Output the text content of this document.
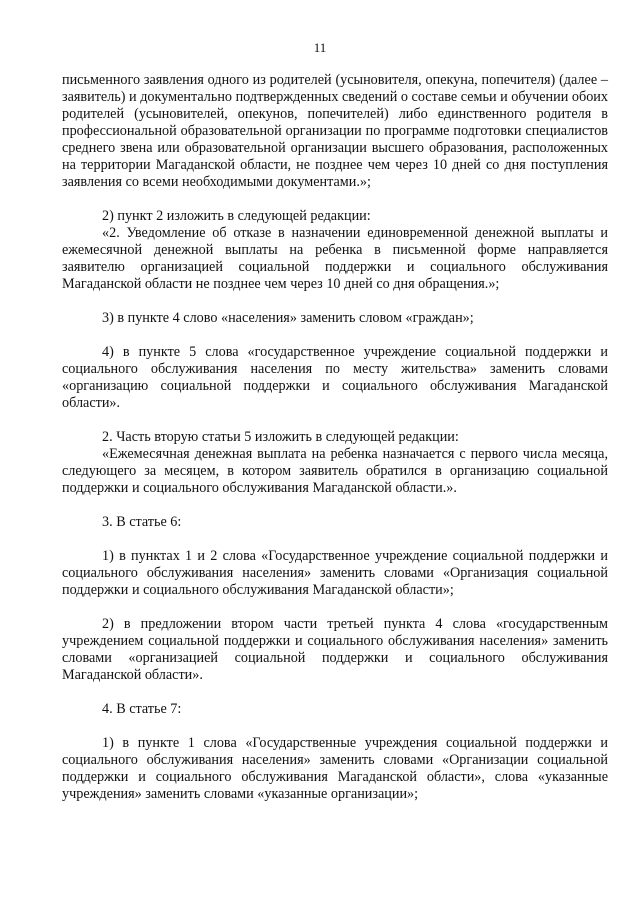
11

письменного заявления одного из родителей (усыновителя, опекуна, попечителя) (далее – заявитель) и документально подтвержденных сведений о составе семьи и обучении обоих родителей (усыновителей, опекунов, попечителей) либо единственного родителя в профессиональной образовательной организации по программе подготовки специалистов среднего звена или образовательной организации высшего образования, расположенных на территории Магаданской области, не позднее чем через 10 дней со дня поступления заявления со всеми необходимыми документами.»;

2) пункт 2 изложить в следующей редакции:

«2. Уведомление об отказе в назначении единовременной денежной выплаты и ежемесячной денежной выплаты на ребенка в письменной форме направляется заявителю организацией социальной поддержки и социального обслуживания Магаданской области не позднее чем через 10 дней со дня обращения.»;

3) в пункте 4 слово «населения» заменить словом «граждан»;

4) в пункте 5 слова «государственное учреждение социальной поддержки и социального обслуживания населения по месту жительства» заменить словами «организацию социальной поддержки и социального обслуживания Магаданской области».

2. Часть вторую статьи 5 изложить в следующей редакции:

«Ежемесячная денежная выплата на ребенка назначается с первого числа месяца, следующего за месяцем, в котором заявитель обратился в организацию социальной поддержки и социального обслуживания Магаданской области.».

3. В статье 6:

1) в пунктах 1 и 2 слова «Государственное учреждение социальной поддержки и социального обслуживания населения» заменить словами «Организация социальной поддержки и социального обслуживания Магаданской области»;

2) в предложении втором части третьей пункта 4 слова «государственным учреждением социальной поддержки и социального обслуживания населения» заменить словами «организацией социальной поддержки и социального обслуживания Магаданской области».

4. В статье 7:

1) в пункте 1 слова «Государственные учреждения социальной поддержки и социального обслуживания населения» заменить словами «Организации социальной поддержки и социального обслуживания Магаданской области», слова «указанные учреждения» заменить словами «указанные организации»;
